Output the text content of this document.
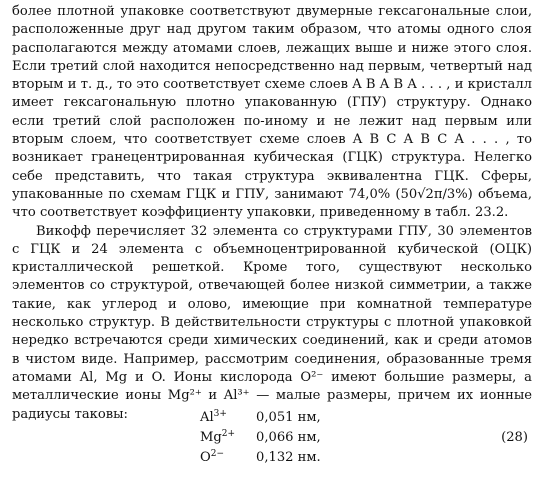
более плотной упаковке соответствуют двумерные гексагональные слои, расположенные друг над другом таким образом, что атомы одного слоя располагаются между атомами слоев, лежащих выше и ниже этого слоя. Если третий слой находится непосредственно над первым, четвертый над вторым и т. д., то это соответствует схеме слоев A B A B A . . . , и кристалл имеет гексагональную плотно упакованную (ГПУ) структуру. Однако если третий слой расположен по-иному и не лежит над первым или вторым слоем, что соответствует схеме слоев A B C A B C A . . . , то возникает гранецентрированная кубическая (ГЦК) структура. Нелегко себе представить, что такая структура эквивалентна ГЦК. Сферы, упакованные по схемам ГЦК и ГПУ, занимают 74,0% (50√2π/3%) объема, что соответствует коэффициенту упаковки, приведенному в табл. 23.2.

Викофф перечисляет 32 элемента со структурами ГПУ, 30 элементов с ГЦК и 24 элемента с объемноцентрированной кубической (ОЦК) кристаллической решеткой. Кроме того, существуют несколько элементов со структурой, отвечающей более низкой симметрии, а также такие, как углерод и олово, имеющие при комнатной температуре несколько структур. В действительности структуры с плотной упаковкой нередко встречаются среди химических соединений, как и среди атомов в чистом виде. Например, рассмотрим соединения, образованные тремя атомами Al, Mg и O. Ионы кислорода O²⁻ имеют большие размеры, а металлические ионы Mg²⁺ и Al³⁺ — малые размеры, причем их ионные радиусы таковы:	$Al^{3+}$	0,051 нм,
$Mg^{2+}$	0,066 нм,
$O^{2-}$	0,132 нм.
(28)
